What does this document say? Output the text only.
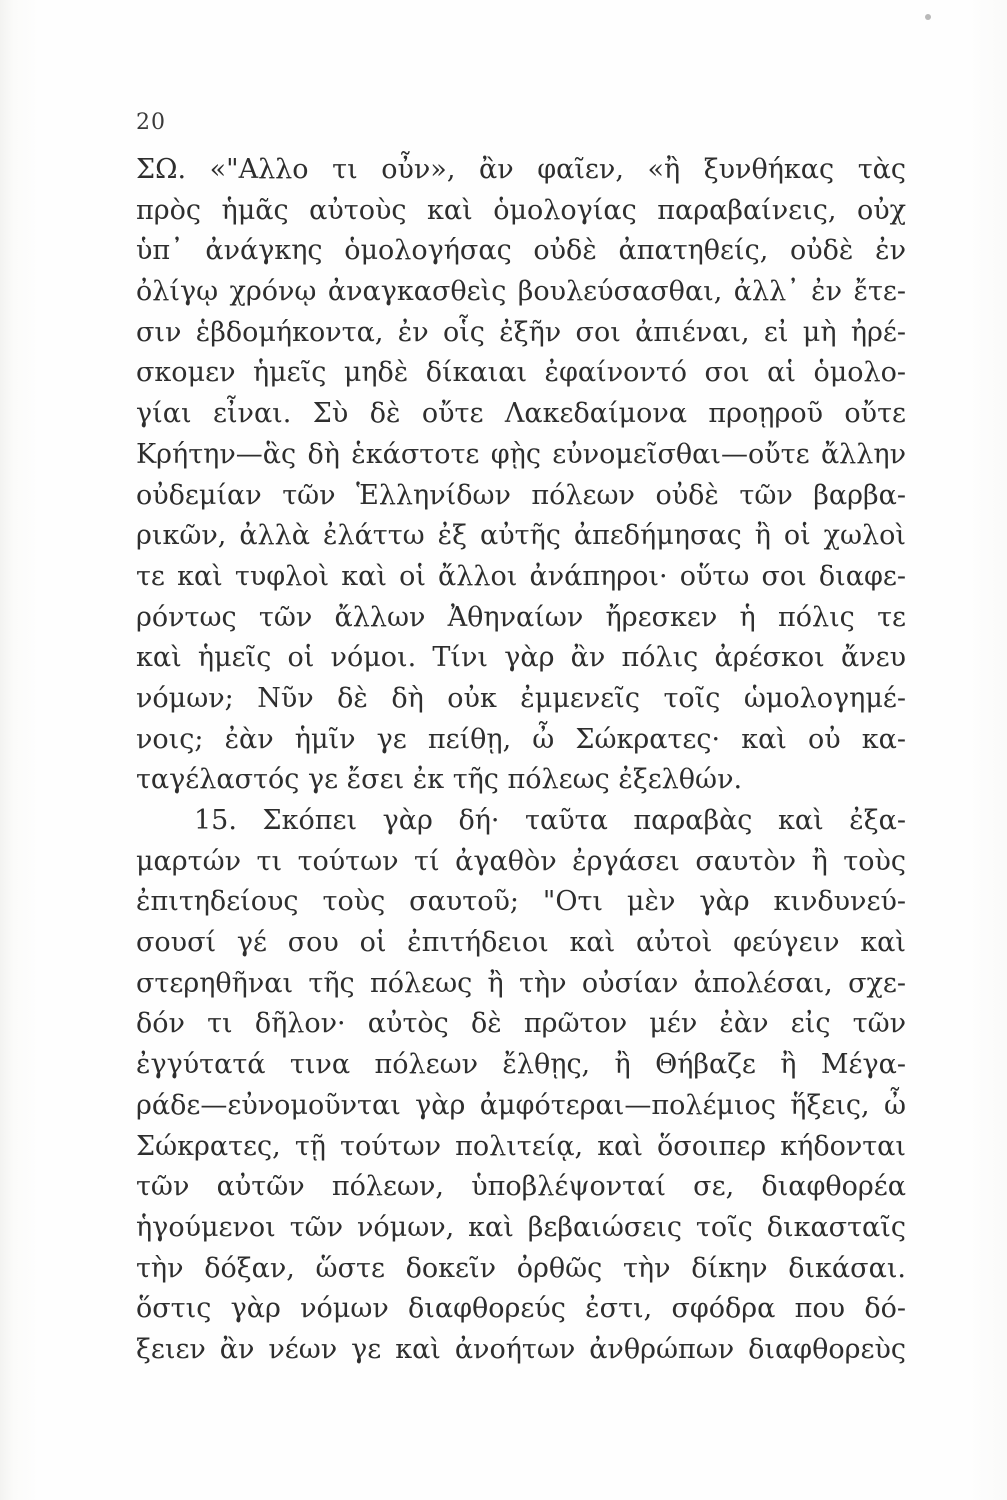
20
ΣΩ. «"Αλλο τι οὖν», ἂν φαῖεν, «ἢ ξυνθήκας τὰς
πρὸς ἡμᾶς αὐτοὺς καὶ ὁμολογίας παραβαίνεις, οὐχ
ὑπ᾽ ἀνάγκης ὁμολογήσας οὐδὲ ἀπατηθείς, οὐδὲ ἐν
ὀλίγῳ χρόνῳ ἀναγκασθεὶς βουλεύσασθαι, ἀλλ᾽ ἐν ἔτε-
σιν ἑβδομήκοντα, ἐν οἷς ἐξῆν σοι ἀπιέναι, εἰ μὴ ἠρέ-
σκομεν ἡμεῖς μηδὲ δίκαιαι ἐφαίνοντό σοι αἱ ὁμολο-
γίαι εἶναι. Σὺ δὲ οὔτε Λακεδαίμονα προῃροῦ οὔτε
Κρήτην—ἃς δὴ ἑκάστοτε φῂς εὐνομεῖσθαι—οὔτε ἄλλην
οὐδεμίαν τῶν Ἑλληνίδων πόλεων οὐδὲ τῶν βαρβα-
ρικῶν, ἀλλὰ ἐλάττω ἐξ αὐτῆς ἀπεδήμησας ἢ οἱ χωλοὶ
τε καὶ τυφλοὶ καὶ οἱ ἄλλοι ἀνάπηροι· οὕτω σοι διαφε-
ρόντως τῶν ἄλλων Ἀθηναίων ἤρεσκεν ἡ πόλις τε
καὶ ἡμεῖς οἱ νόμοι. Τίνι γὰρ ἂν πόλις ἀρέσκοι ἄνευ
νόμων; Νῦν δὲ δὴ οὐκ ἐμμενεῖς τοῖς ὡμολογημέ-
νοις; ἐὰν ἡμῖν γε πείθῃ, ὦ Σώκρατες· καὶ οὐ κα-
ταγέλαστός γε ἔσει ἐκ τῆς πόλεως ἐξελθών.
15. Σκόπει γὰρ δή· ταῦτα παραβὰς καὶ ἐξα-
μαρτών τι τούτων τί ἀγαθὸν ἐργάσει σαυτὸν ἢ τοὺς
ἐπιτηδείους τοὺς σαυτοῦ; "Οτι μὲν γὰρ κινδυνεύ-
σουσί γέ σου οἱ ἐπιτήδειοι καὶ αὐτοὶ φεύγειν καὶ
στερηθῆναι τῆς πόλεως ἢ τὴν οὐσίαν ἀπολέσαι, σχε-
δόν τι δῆλον· αὐτὸς δὲ πρῶτον μέν ἐὰν εἰς τῶν
ἐγγύτατά τινα πόλεων ἔλθῃς, ἢ Θήβαζε ἢ Μέγα-
ράδε—εὐνομοῦνται γὰρ ἀμφότεραι—πολέμιος ἥξεις, ὦ
Σώκρατες, τῇ τούτων πολιτείᾳ, καὶ ὅσοιπερ κήδονται
τῶν αὐτῶν πόλεων, ὑποβλέψονταί σε, διαφθορέα
ἡγούμενοι τῶν νόμων, καὶ βεβαιώσεις τοῖς δικασταῖς
τὴν δόξαν, ὥστε δοκεῖν ὀρθῶς τὴν δίκην δικάσαι.
ὅστις γὰρ νόμων διαφθορεύς ἐστι, σφόδρα που δό-
ξειεν ἂν νέων γε καὶ ἀνοήτων ἀνθρώπων διαφθορεὺς
